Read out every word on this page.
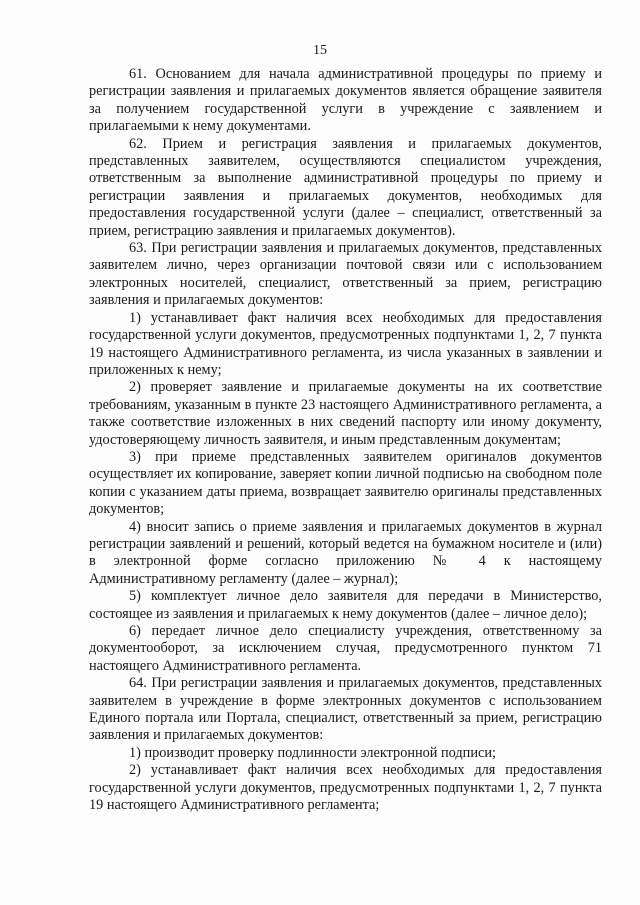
15

61. Основанием для начала административной процедуры по приему и регистрации заявления и прилагаемых документов является обращение заявителя за получением государственной услуги в учреждение с заявлением и прилагаемыми к нему документами.

62. Прием и регистрация заявления и прилагаемых документов, представленных заявителем, осуществляются специалистом учреждения, ответственным за выполнение административной процедуры по приему и регистрации заявления и прилагаемых документов, необходимых для предоставления государственной услуги (далее – специалист, ответственный за прием, регистрацию заявления и прилагаемых документов).

63. При регистрации заявления и прилагаемых документов, представленных заявителем лично, через организации почтовой связи или с использованием электронных носителей, специалист, ответственный за прием, регистрацию заявления и прилагаемых документов:

1) устанавливает факт наличия всех необходимых для предоставления государственной услуги документов, предусмотренных подпунктами 1, 2, 7 пункта 19 настоящего Административного регламента, из числа указанных в заявлении и приложенных к нему;

2) проверяет заявление и прилагаемые документы на их соответствие требованиям, указанным в пункте 23 настоящего Административного регламента, а также соответствие изложенных в них сведений паспорту или иному документу, удостоверяющему личность заявителя, и иным представленным документам;

3) при приеме представленных заявителем оригиналов документов осуществляет их копирование, заверяет копии личной подписью на свободном поле копии с указанием даты приема, возвращает заявителю оригиналы представленных документов;

4) вносит запись о приеме заявления и прилагаемых документов в журнал регистрации заявлений и решений, который ведется на бумажном носителе и (или) в электронной форме согласно приложению № 4 к настоящему Административному регламенту (далее – журнал);

5) комплектует личное дело заявителя для передачи в Министерство, состоящее из заявления и прилагаемых к нему документов (далее – личное дело);

6) передает личное дело специалисту учреждения, ответственному за документооборот, за исключением случая, предусмотренного пунктом 71 настоящего Административного регламента.

64. При регистрации заявления и прилагаемых документов, представленных заявителем в учреждение в форме электронных документов с использованием Единого портала или Портала, специалист, ответственный за прием, регистрацию заявления и прилагаемых документов:

1) производит проверку подлинности электронной подписи;

2) устанавливает факт наличия всех необходимых для предоставления государственной услуги документов, предусмотренных подпунктами 1, 2, 7 пункта 19 настоящего Административного регламента;
